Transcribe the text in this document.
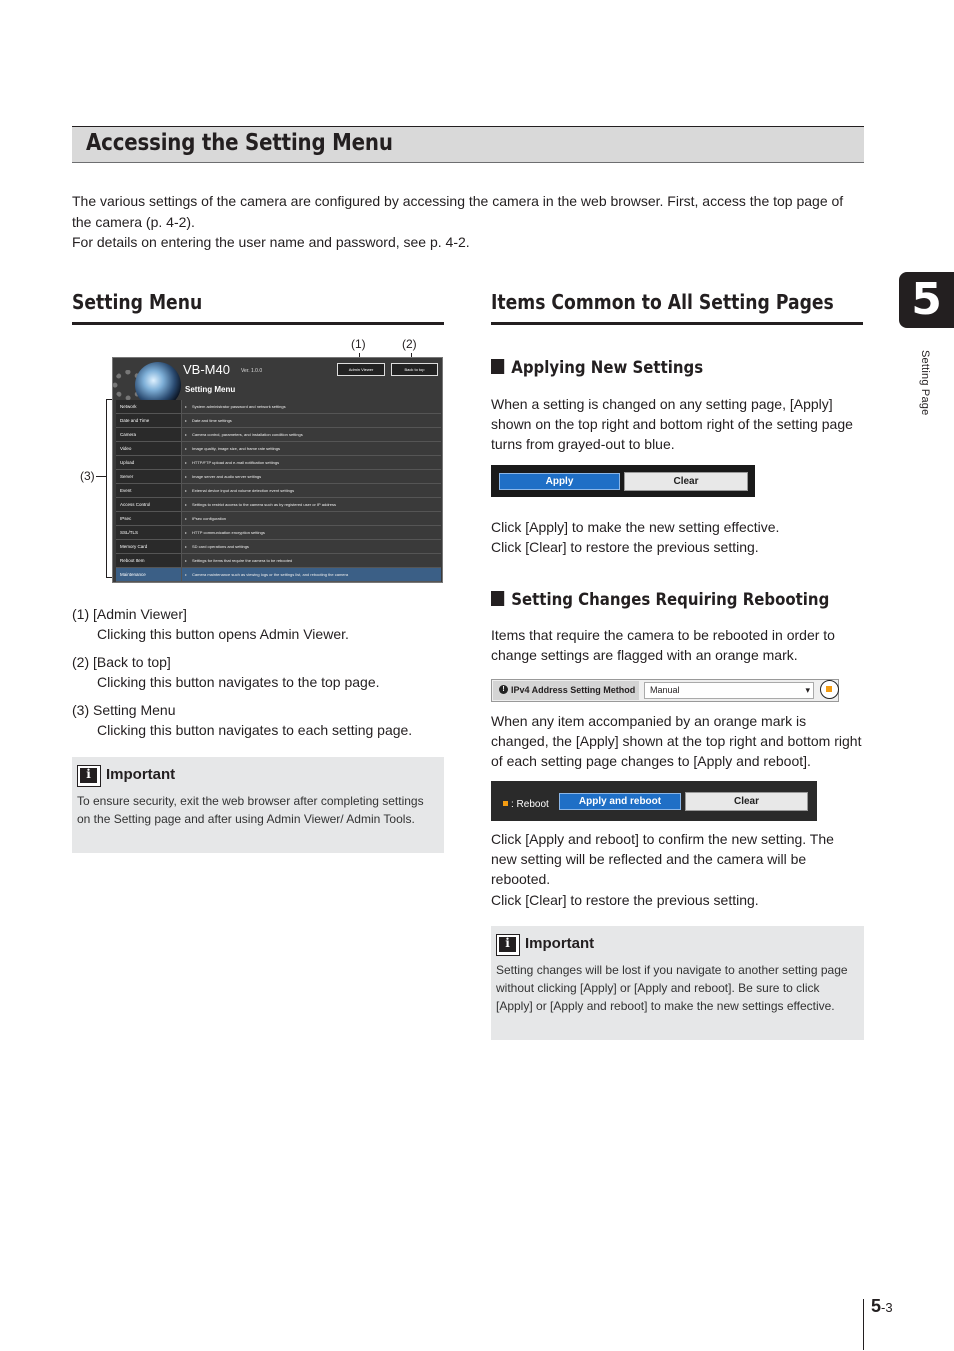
Accessing the Setting Menu

The various settings of the camera are configured by accessing the camera in the web browser. First, access the top page of the camera (p. 4-2).

For details on entering the user name and password, see p. 4-2.

5
Setting Page
Setting Menu
(1)	(2)
(3)
VB-M40 Ver. 1.0.0
Setting Menu
Admin Viewer	Back to top
Network	▸ System administrator password and network settings
Date and Time	▸ Date and time settings
Camera	▸ Camera control, parameters, and installation condition settings
Video	▸ Image quality, image size, and frame rate settings
Upload	▸ HTTP/FTP upload and e-mail notification settings
Server	▸ Image server and audio server settings
Event	▸ External device input and volume detection event settings
Access Control	▸ Settings to restrict access to the camera such as by registered user or IP address
IPsec	▸ IPsec configuration
SSL/TLS	▸ HTTP communication encryption settings
Memory Card	▸ SD card operations and settings
Reboot Item	▸ Settings for items that require the camera to be rebooted
Maintenance	▸ Camera maintenance such as viewing logs or the settings list, and rebooting the camera
(1) [Admin Viewer]
Clicking this button opens Admin Viewer.
(2) [Back to top]
Clicking this button navigates to the top page.
(3) Setting Menu
Clicking this button navigates to each setting page.
i
Important
To ensure security, exit the web browser after completing settings on the Setting page and after using Admin Viewer/ Admin Tools.
Items Common to All Setting Pages
Applying New Settings
When a setting is changed on any setting page, [Apply] shown on the top right and bottom right of the setting page turns from grayed-out to blue.
Apply	Clear

Click [Apply] to make the new setting effective.

Click [Clear] to restore the previous setting.

Setting Changes Requiring Rebooting
Items that require the camera to be rebooted in order to change settings are flagged with an orange mark.
! IPv4 Address Setting Method	Manual ▾
When any item accompanied by an orange mark is changed, the [Apply] shown at the top right and bottom right of each setting page changes to [Apply and reboot].
: Reboot	Apply and reboot	Clear

Click [Apply and reboot] to confirm the new setting. The new setting will be reflected and the camera will be rebooted.

Click [Clear] to restore the previous setting.

i
Important
Setting changes will be lost if you navigate to another setting page without clicking [Apply] or [Apply and reboot]. Be sure to click [Apply] or [Apply and reboot] to make the new settings effective.
5-3
